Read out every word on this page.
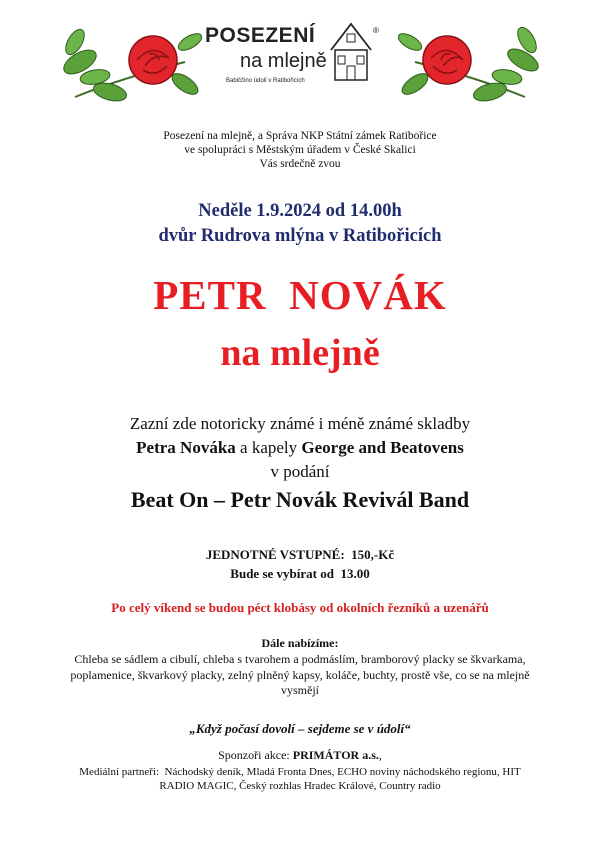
POSEZENÍ	®
na mlejně
Babiččino údolí v Ratibořicích
Posezení na mlejně, a Správa NKP Státní zámek Ratibořice
ve spolupráci s Městským úřadem v České Skalici
Vás srdečně zvou
Neděle 1.9.2024 od 14.00h
dvůr Rudrova mlýna v Ratibořicích
PETR  NOVÁK
na mlejně
Zazní zde notoricky známé i méně známé skladby
Petra Nováka a kapely George and Beatovens
v podání
Beat On – Petr Novák Revivál Band
JEDNOTNÉ VSTUPNÉ:  150,-Kč
Bude se vybírat od  13.00
Po celý víkend se budou péct klobásy od okolních řezníků a uzenářů
Dále nabízíme:
Chleba se sádlem a cibulí, chleba s tvarohem a podmáslím, bramborový placky se škvarkama, poplamenice, škvarkový placky, zelný plněný kapsy, koláče, buchty, prostě vše, co se na mlejně vysmějí
„Když počasí dovolí – sejdeme se v údolí“
Sponzoři akce: PRIMÁTOR a.s.,
Mediální partneři:  Náchodský deník, Mladá Fronta Dnes, ECHO noviny náchodského regionu, HIT RADIO MAGIC, Český rozhlas Hradec Králové, Country radio
